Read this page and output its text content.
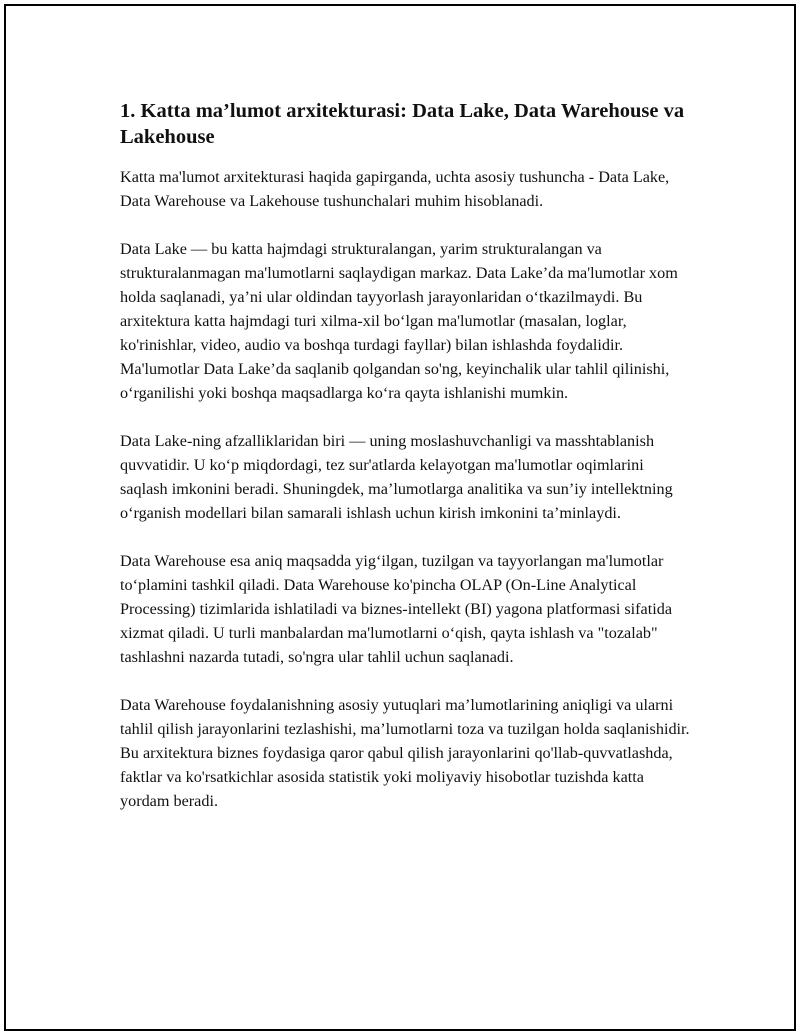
1. Katta ma’lumot arxitekturasi: Data Lake, Data Warehouse va Lakehouse

Katta ma'lumot arxitekturasi haqida gapirganda, uchta asosiy tushuncha - Data Lake, Data Warehouse va Lakehouse tushunchalari muhim hisoblanadi.

Data Lake — bu katta hajmdagi strukturalangan, yarim strukturalangan va strukturalanmagan ma'lumotlarni saqlaydigan markaz. Data Lake’da ma'lumotlar xom holda saqlanadi, ya’ni ular oldindan tayyorlash jarayonlaridan o‘tkazilmaydi. Bu arxitektura katta hajmdagi turi xilma-xil bo‘lgan ma'lumotlar (masalan, loglar, ko'rinishlar, video, audio va boshqa turdagi fayllar) bilan ishlashda foydalidir. Ma'lumotlar Data Lake’da saqlanib qolgandan so'ng, keyinchalik ular tahlil qilinishi, o‘rganilishi yoki boshqa maqsadlarga ko‘ra qayta ishlanishi mumkin.

Data Lake-ning afzalliklaridan biri — uning moslashuvchanligi va masshtablanish quvvatidir. U ko‘p miqdordagi, tez sur'atlarda kelayotgan ma'lumotlar oqimlarini saqlash imkonini beradi. Shuningdek, ma’lumotlarga analitika va sun’iy intellektning o‘rganish modellari bilan samarali ishlash uchun kirish imkonini ta’minlaydi.

Data Warehouse esa aniq maqsadda yig‘ilgan, tuzilgan va tayyorlangan ma'lumotlar to‘plamini tashkil qiladi. Data Warehouse ko'pincha OLAP (On-Line Analytical Processing) tizimlarida ishlatiladi va biznes-intellekt (BI) yagona platformasi sifatida xizmat qiladi. U turli manbalardan ma'lumotlarni o‘qish, qayta ishlash va "tozalab" tashlashni nazarda tutadi, so'ngra ular tahlil uchun saqlanadi.

Data Warehouse foydalanishning asosiy yutuqlari ma’lumotlarining aniqligi va ularni tahlil qilish jarayonlarini tezlashishi, ma’lumotlarni toza va tuzilgan holda saqlanishidir. Bu arxitektura biznes foydasiga qaror qabul qilish jarayonlarini qo'llab-quvvatlashda, faktlar va ko'rsatkichlar asosida statistik yoki moliyaviy hisobotlar tuzishda katta yordam beradi.
